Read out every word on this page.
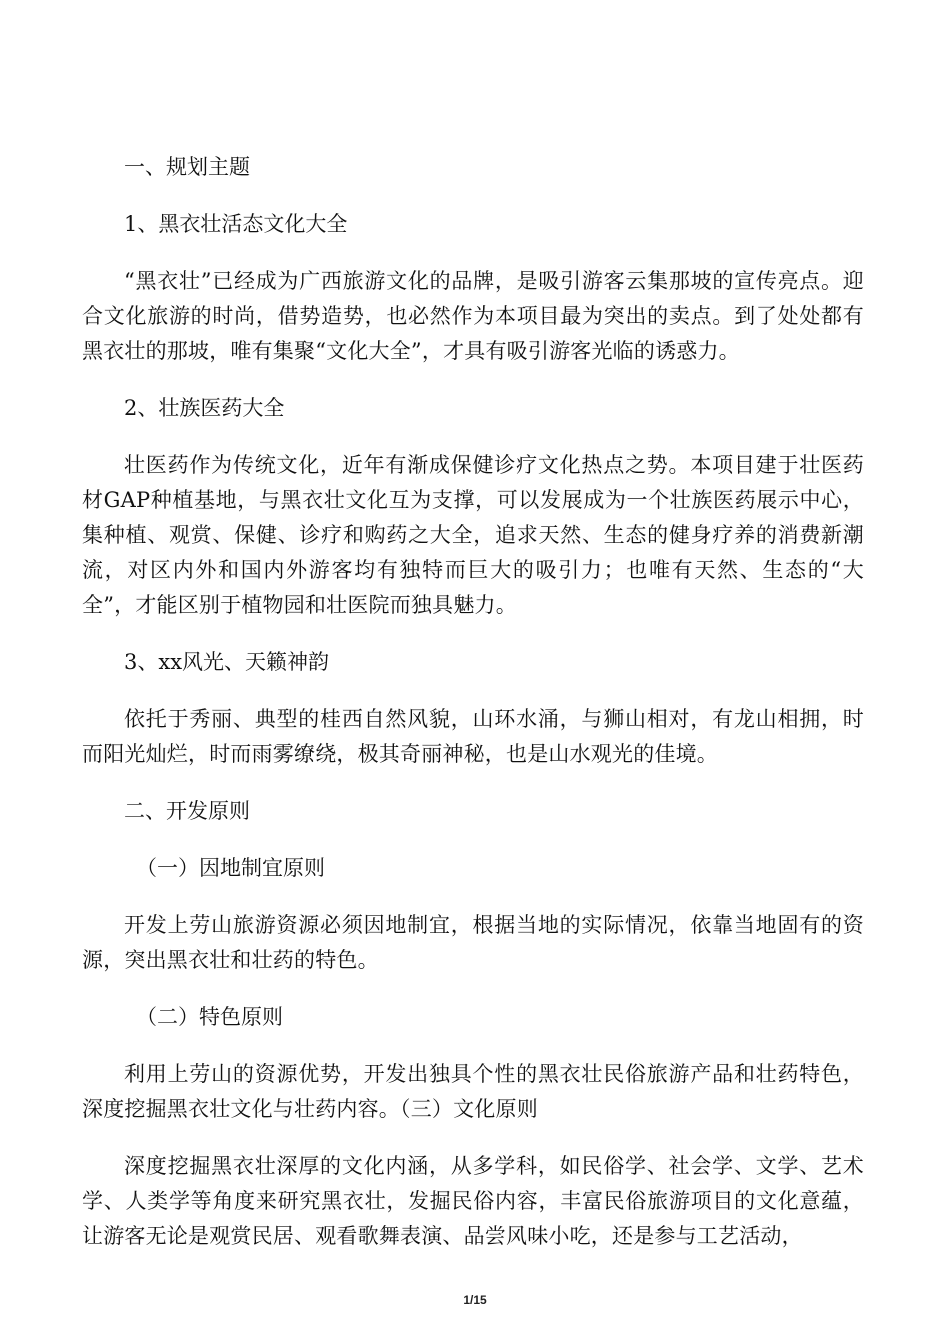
一、规划主题

1、黑衣壮活态文化大全

“黑衣壮”已经成为广西旅游文化的品牌，是吸引游客云集那坡的宣传亮点。迎合文化旅游的时尚，借势造势，也必然作为本项目最为突出的卖点。到了处处都有黑衣壮的那坡，唯有集聚“文化大全”，才具有吸引游客光临的诱惑力。

2、壮族医药大全

壮医药作为传统文化，近年有渐成保健诊疗文化热点之势。本项目建于壮医药材GAP种植基地，与黑衣壮文化互为支撑，可以发展成为一个壮族医药展示中心，集种植、观赏、保健、诊疗和购药之大全，追求天然、生态的健身疗养的消费新潮流，对区内外和国内外游客均有独特而巨大的吸引力；也唯有天然、生态的“大全”，才能区别于植物园和壮医院而独具魅力。

3、xx风光、天籁神韵

依托于秀丽、典型的桂西自然风貌，山环水涌，与狮山相对，有龙山相拥，时而阳光灿烂，时而雨雾缭绕，极其奇丽神秘，也是山水观光的佳境。

二、开发原则

（一）因地制宜原则

开发上劳山旅游资源必须因地制宜，根据当地的实际情况，依靠当地固有的资源，突出黑衣壮和壮药的特色。

（二）特色原则

利用上劳山的资源优势，开发出独具个性的黑衣壮民俗旅游产品和壮药特色，深度挖掘黑衣壮文化与壮药内容。（三）文化原则

深度挖掘黑衣壮深厚的文化内涵，从多学科，如民俗学、社会学、文学、艺术学、人类学等角度来研究黑衣壮，发掘民俗内容，丰富民俗旅游项目的文化意蕴，让游客无论是观赏民居、观看歌舞表演、品尝风味小吃，还是参与工艺活动，

1/15
